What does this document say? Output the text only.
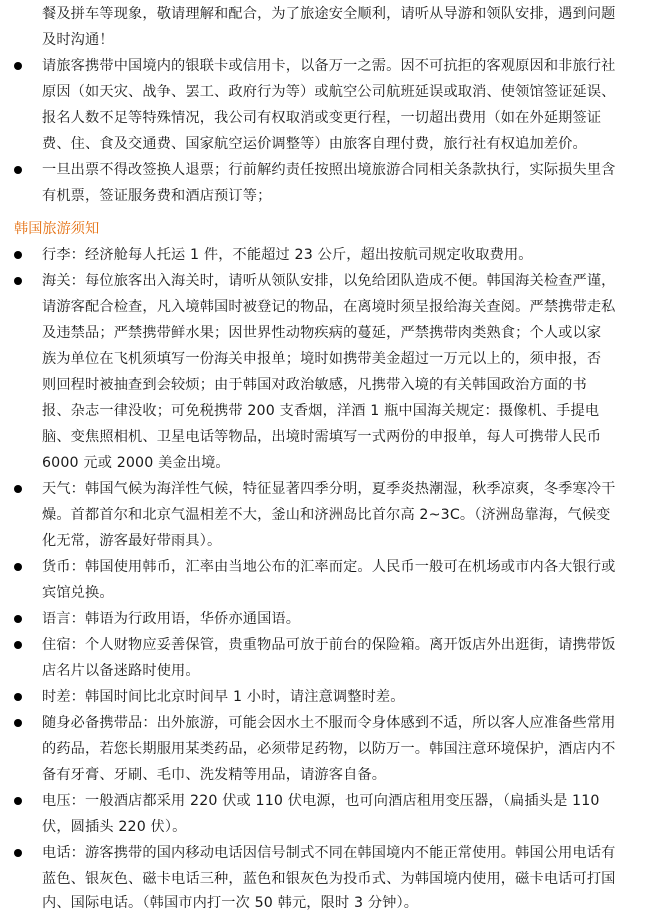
餐及拼车等现象，敬请理解和配合，为了旅途安全顺利，请听从导游和领队安排，遇到问题
及时沟通！
请旅客携带中国境内的银联卡或信用卡，以备万一之需。因不可抗拒的客观原因和非旅行社
原因（如天灾、战争、罢工、政府行为等）或航空公司航班延误或取消、使领馆签证延误、
报名人数不足等特殊情况，我公司有权取消或变更行程，一切超出费用（如在外延期签证
费、住、食及交通费、国家航空运价调整等）由旅客自理付费，旅行社有权追加差价。
一旦出票不得改签换人退票；行前解约责任按照出境旅游合同相关条款执行，实际损失里含
有机票，签证服务费和酒店预订等；
韩国旅游须知
行李：经济舱每人托运 1 件，不能超过 23 公斤，超出按航司规定收取费用。
海关：每位旅客出入海关时，请听从领队安排，以免给团队造成不便。韩国海关检查严谨，
请游客配合检查，凡入境韩国时被登记的物品，在离境时须呈报给海关查阅。严禁携带走私
及违禁品；严禁携带鲜水果；因世界性动物疾病的蔓延，严禁携带肉类熟食；个人或以家
族为单位在飞机须填写一份海关申报单；境时如携带美金超过一万元以上的，须申报，否
则回程时被抽查到会较烦；由于韩国对政治敏感，凡携带入境的有关韩国政治方面的书
报、杂志一律没收；可免税携带 200 支香烟，洋酒 1 瓶中国海关规定：摄像机、手提电
脑、变焦照相机、卫星电话等物品，出境时需填写一式两份的申报单，每人可携带人民币
6000 元或 2000 美金出境。
天气：韩国气候为海洋性气候，特征显著四季分明，夏季炎热潮湿，秋季凉爽，冬季寒冷干
燥。首都首尔和北京气温相差不大，釜山和济洲岛比首尔高 2~3C。（济洲岛靠海，气候变
化无常，游客最好带雨具）。
货币：韩国使用韩币，汇率由当地公布的汇率而定。人民币一般可在机场或市内各大银行或
宾馆兑换。
语言：韩语为行政用语，华侨亦通国语。
住宿：个人财物应妥善保管，贵重物品可放于前台的保险箱。离开饭店外出逛街，请携带饭
店名片以备迷路时使用。
时差：韩国时间比北京时间早 1 小时，请注意调整时差。
随身必备携带品：出外旅游，可能会因水土不服而令身体感到不适，所以客人应准备些常用
的药品，若您长期服用某类药品，必须带足药物，以防万一。韩国注意环境保护，酒店内不
备有牙膏、牙刷、毛巾、洗发精等用品，请游客自备。
电压：一般酒店都采用 220 伏或 110 伏电源，也可向酒店租用变压器，（扁插头是 110
伏，圆插头 220 伏）。
电话：游客携带的国内移动电话因信号制式不同在韩国境内不能正常使用。韩国公用电话有
蓝色、银灰色、磁卡电话三种，蓝色和银灰色为投币式、为韩国境内使用，磁卡电话可打国
内、国际电话。（韩国市内打一次 50 韩元，限时 3 分钟）。
